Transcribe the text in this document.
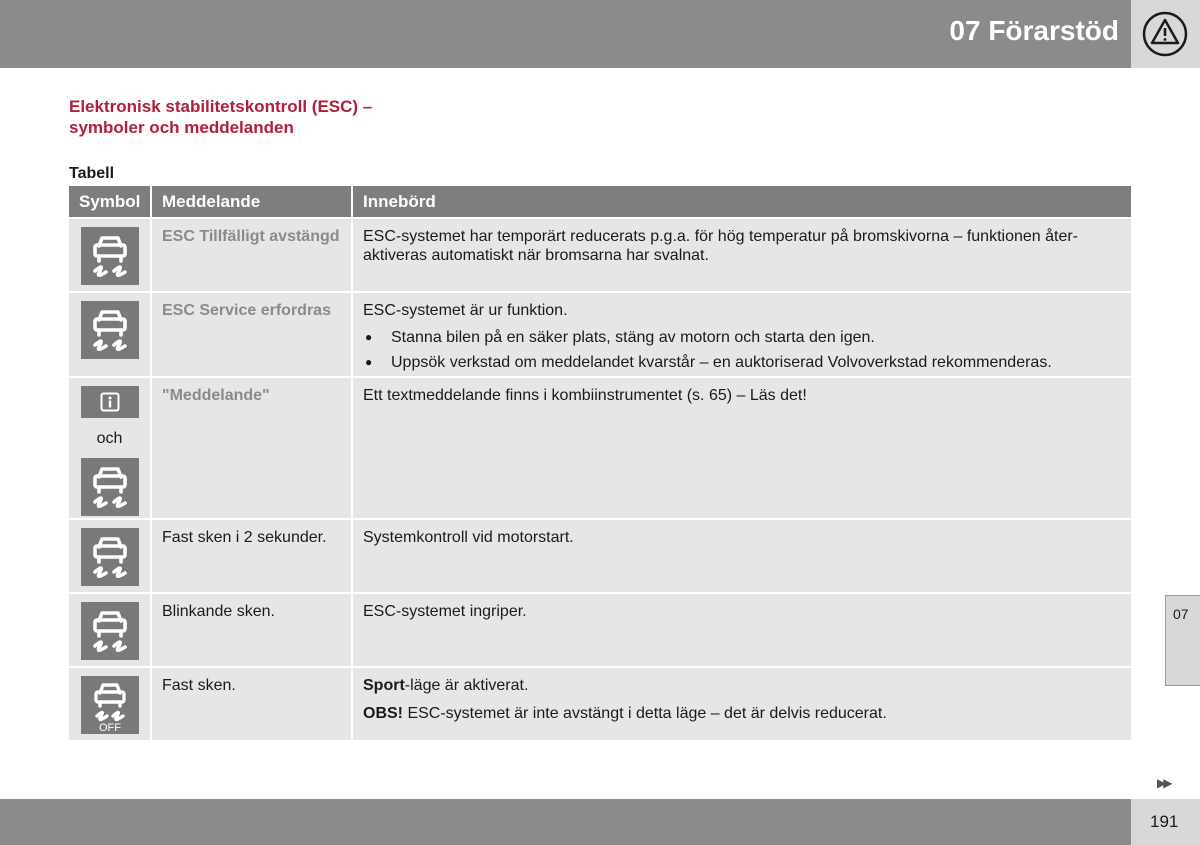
07 Förarstöd
Elektronisk stabilitetskontroll (ESC) –
symboler och meddelanden
Tabell
Symbol	Meddelande	Innebörd
ESC Tillfälligt avstängd	ESC-systemet har temporärt reducerats p.g.a. för hög temperatur på bromskivorna – funktionen åter-aktiveras automatiskt när bromsarna har svalnat.
ESC Service erfordras	ESC-systemet är ur funktion.
● Stanna bilen på en säker plats, stäng av motorn och starta den igen.
● Uppsök verkstad om meddelandet kvarstår – en auktoriserad Volvoverkstad rekommenderas.
och
"Meddelande"	Ett textmeddelande finns i kombiinstrumentet (s. 65) – Läs det!
Fast sken i 2 sekunder.	Systemkontroll vid motorstart.
Blinkande sken.	ESC-systemet ingriper.
OFF
Fast sken.	Sport-läge är aktiverat.
OBS! ESC-systemet är inte avstängt i detta läge – det är delvis reducerat.
07
▶▶
191
